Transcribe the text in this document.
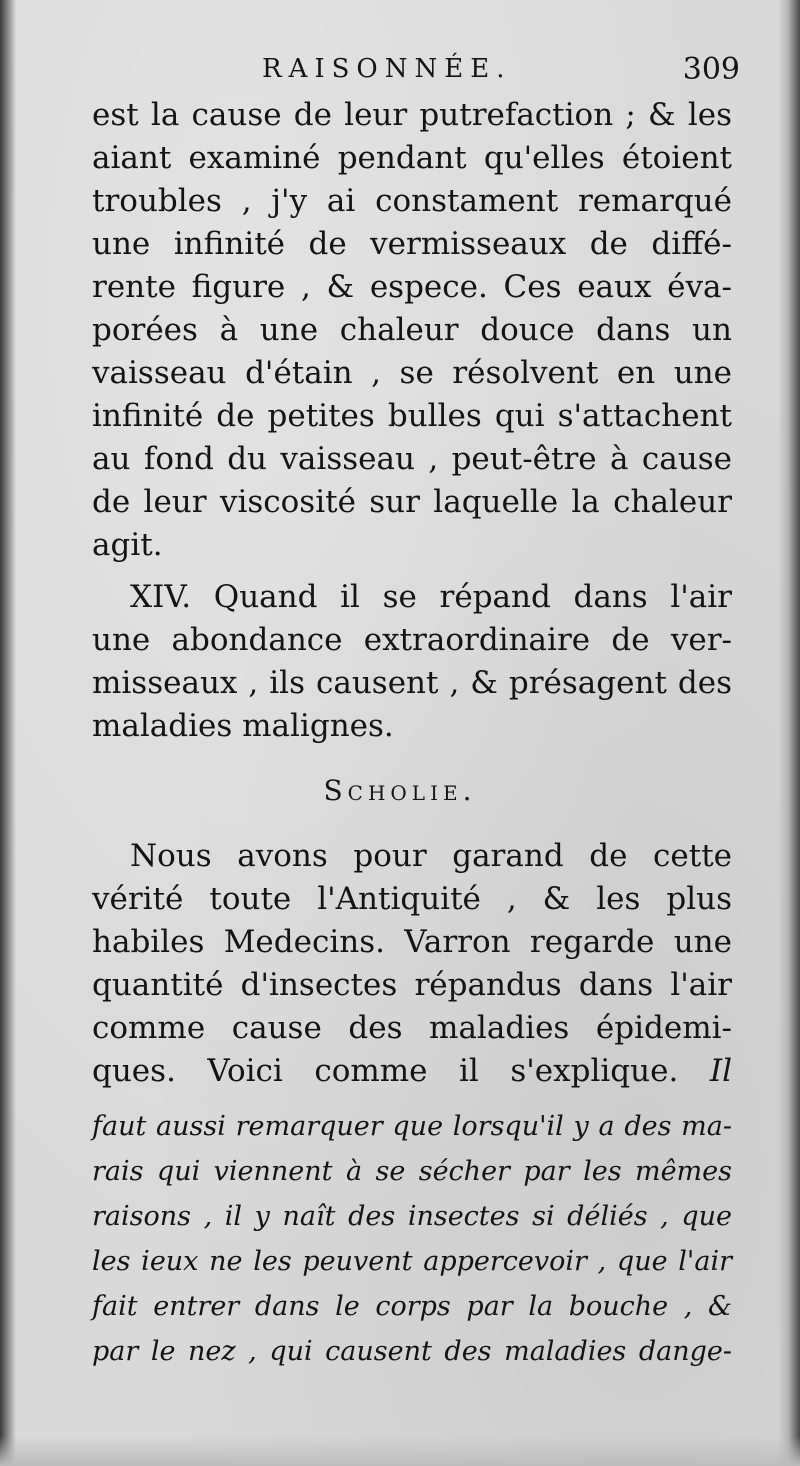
RAISONNÉE.	309
est la cause de leur putrefaction ; & les
aiant examiné pendant qu'elles étoient
troubles , j'y ai constament remarqué
une infinité de vermisseaux de diffé-
rente figure , & espece. Ces eaux éva-
porées à une chaleur douce dans un
vaisseau d'étain , se résolvent en une
infinité de petites bulles qui s'attachent
au fond du vaisseau , peut-être à cause
de leur viscosité sur laquelle la chaleur
agit.
XIV. Quand il se répand dans l'air
une abondance extraordinaire de ver-
misseaux , ils causent , & présagent des
maladies malignes.
Scholie.
Nous avons pour garand de cette
vérité toute l'Antiquité , & les plus
habiles Medecins. Varron regarde une
quantité d'insectes répandus dans l'air
comme cause des maladies épidemi-
ques. Voici comme il s'explique. Il
faut aussi remarquer que lorsqu'il y a des ma-
rais qui viennent à se sécher par les mêmes
raisons , il y naît des insectes si déliés , que
les ieux ne les peuvent appercevoir , que l'air
fait entrer dans le corps par la bouche , &
par le nez , qui causent des maladies dange-
